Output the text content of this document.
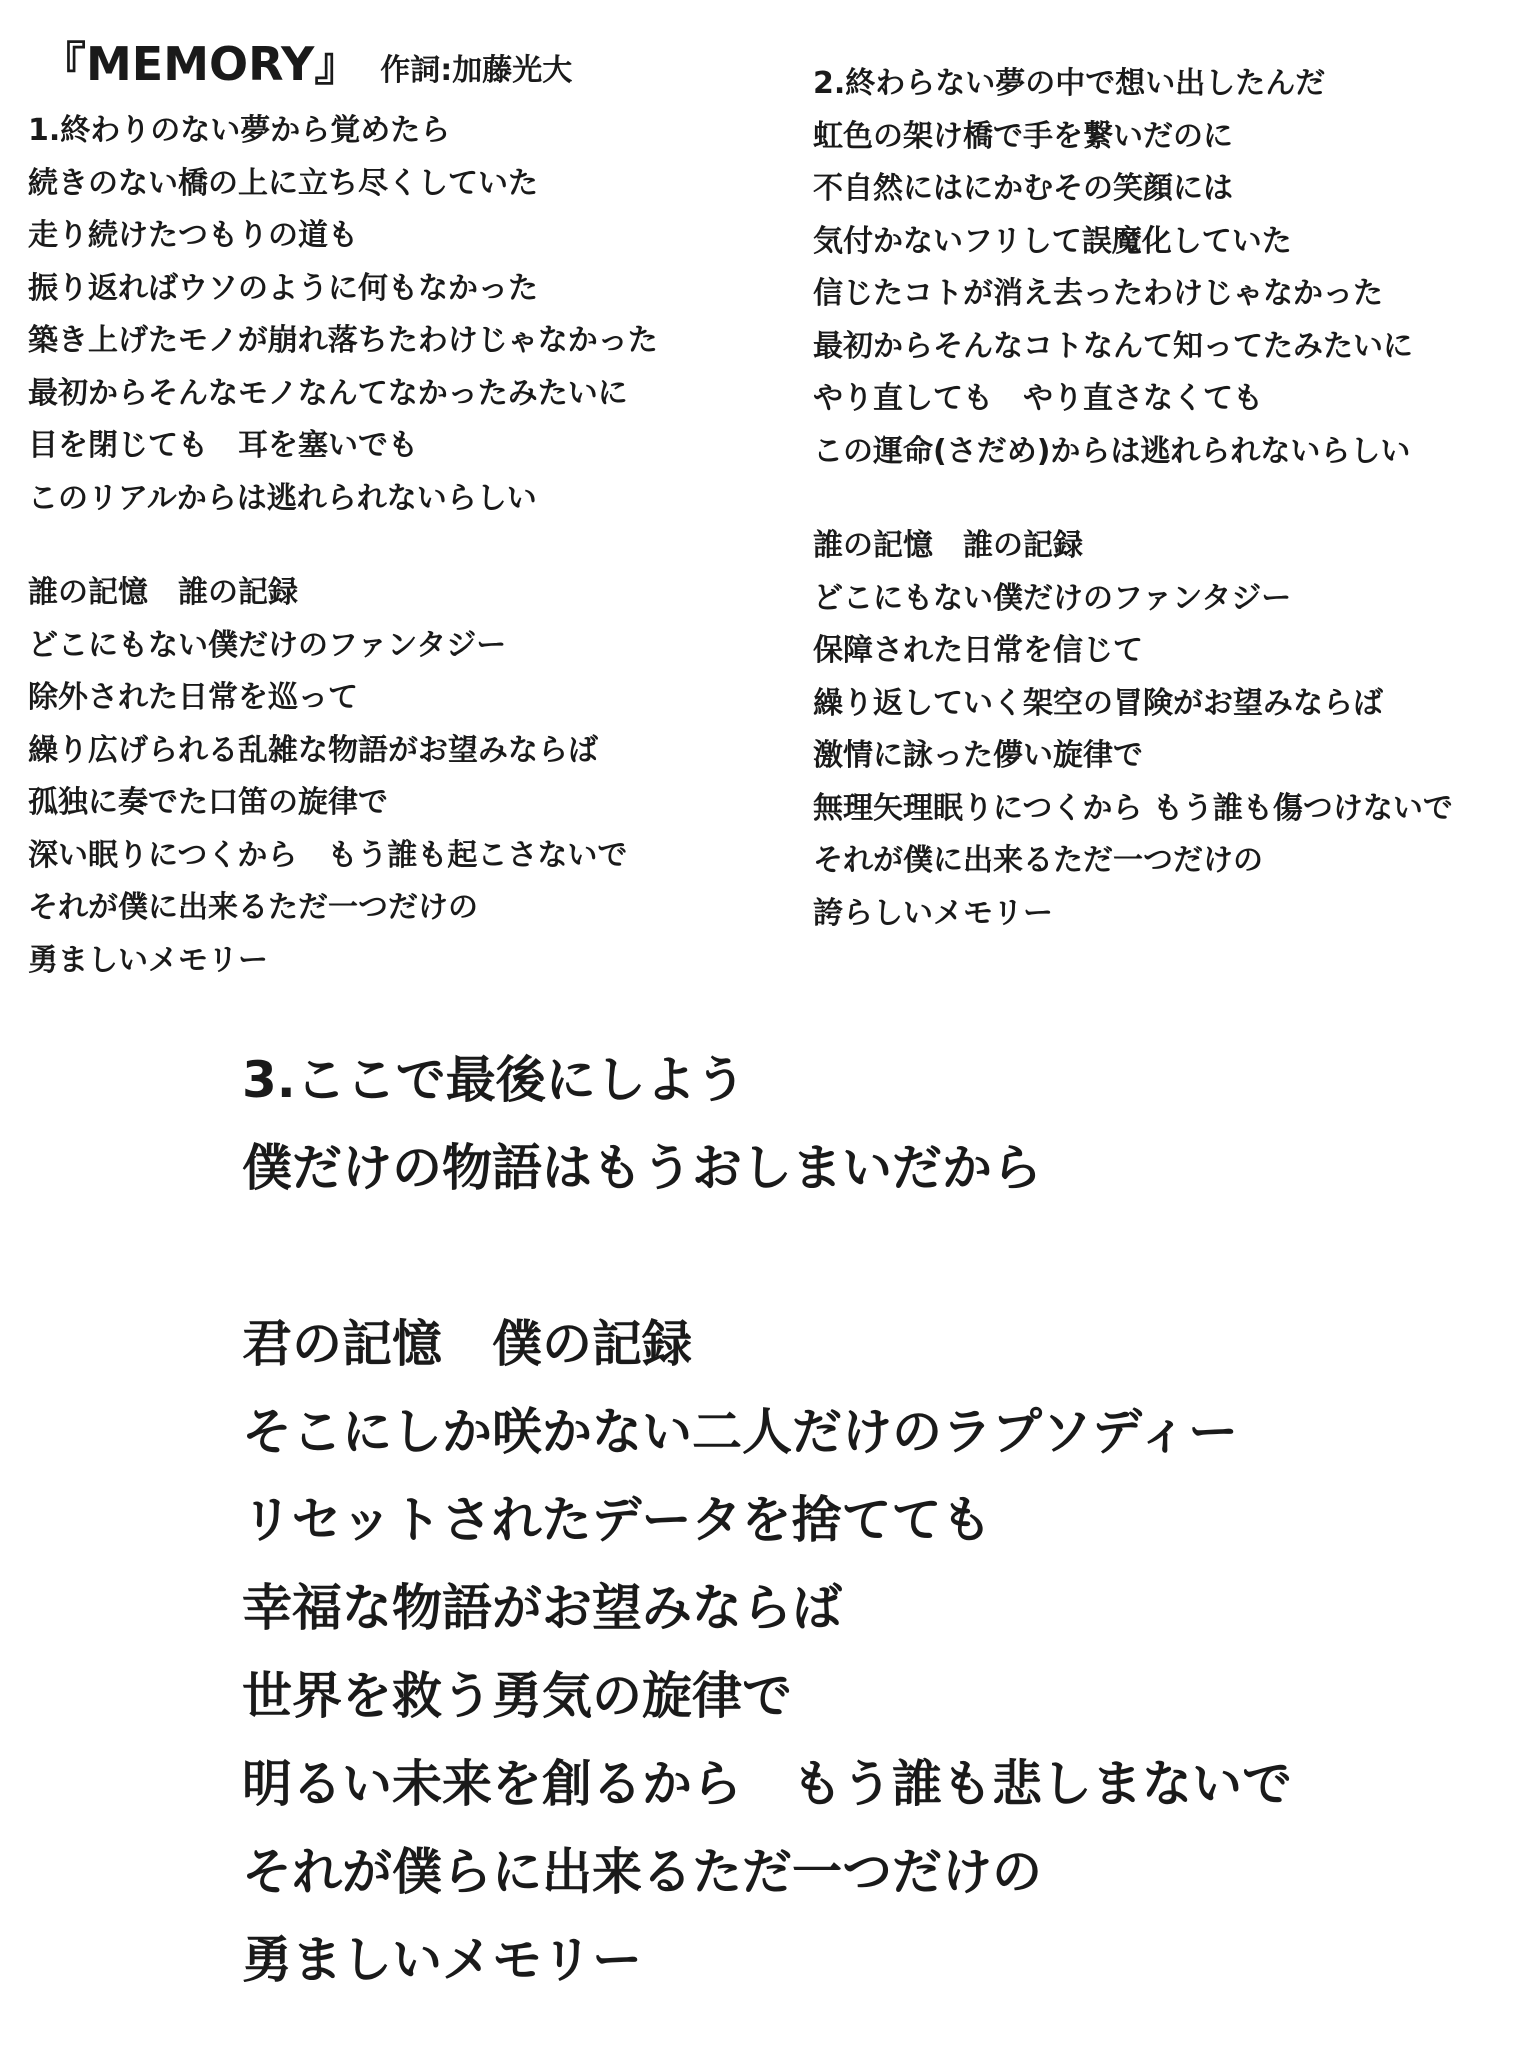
『MEMORY』 作詞:加藤光大
1.終わりのない夢から覚めたら
続きのない橋の上に立ち尽くしていた
走り続けたつもりの道も
振り返ればウソのように何もなかった
築き上げたモノが崩れ落ちたわけじゃなかった
最初からそんなモノなんてなかったみたいに
目を閉じても　耳を塞いでも
このリアルからは逃れられないらしい
誰の記憶　誰の記録
どこにもない僕だけのファンタジー
除外された日常を巡って
繰り広げられる乱雑な物語がお望みならば
孤独に奏でた口笛の旋律で
深い眠りにつくから　もう誰も起こさないで
それが僕に出来るただ一つだけの
勇ましいメモリー
2.終わらない夢の中で想い出したんだ
虹色の架け橋で手を繋いだのに
不自然にはにかむその笑顔には
気付かないフリして誤魔化していた
信じたコトが消え去ったわけじゃなかった
最初からそんなコトなんて知ってたみたいに
やり直しても　やり直さなくても
この運命(さだめ)からは逃れられないらしい
誰の記憶　誰の記録
どこにもない僕だけのファンタジー
保障された日常を信じて
繰り返していく架空の冒険がお望みならば
激情に詠った儚い旋律で
無理矢理眠りにつくから もう誰も傷つけないで
それが僕に出来るただ一つだけの
誇らしいメモリー
3.ここで最後にしよう
僕だけの物語はもうおしまいだから
君の記憶　僕の記録
そこにしか咲かない二人だけのラプソディー
リセットされたデータを捨てても
幸福な物語がお望みならば
世界を救う勇気の旋律で
明るい未来を創るから　もう誰も悲しまないで
それが僕らに出来るただ一つだけの
勇ましいメモリー
